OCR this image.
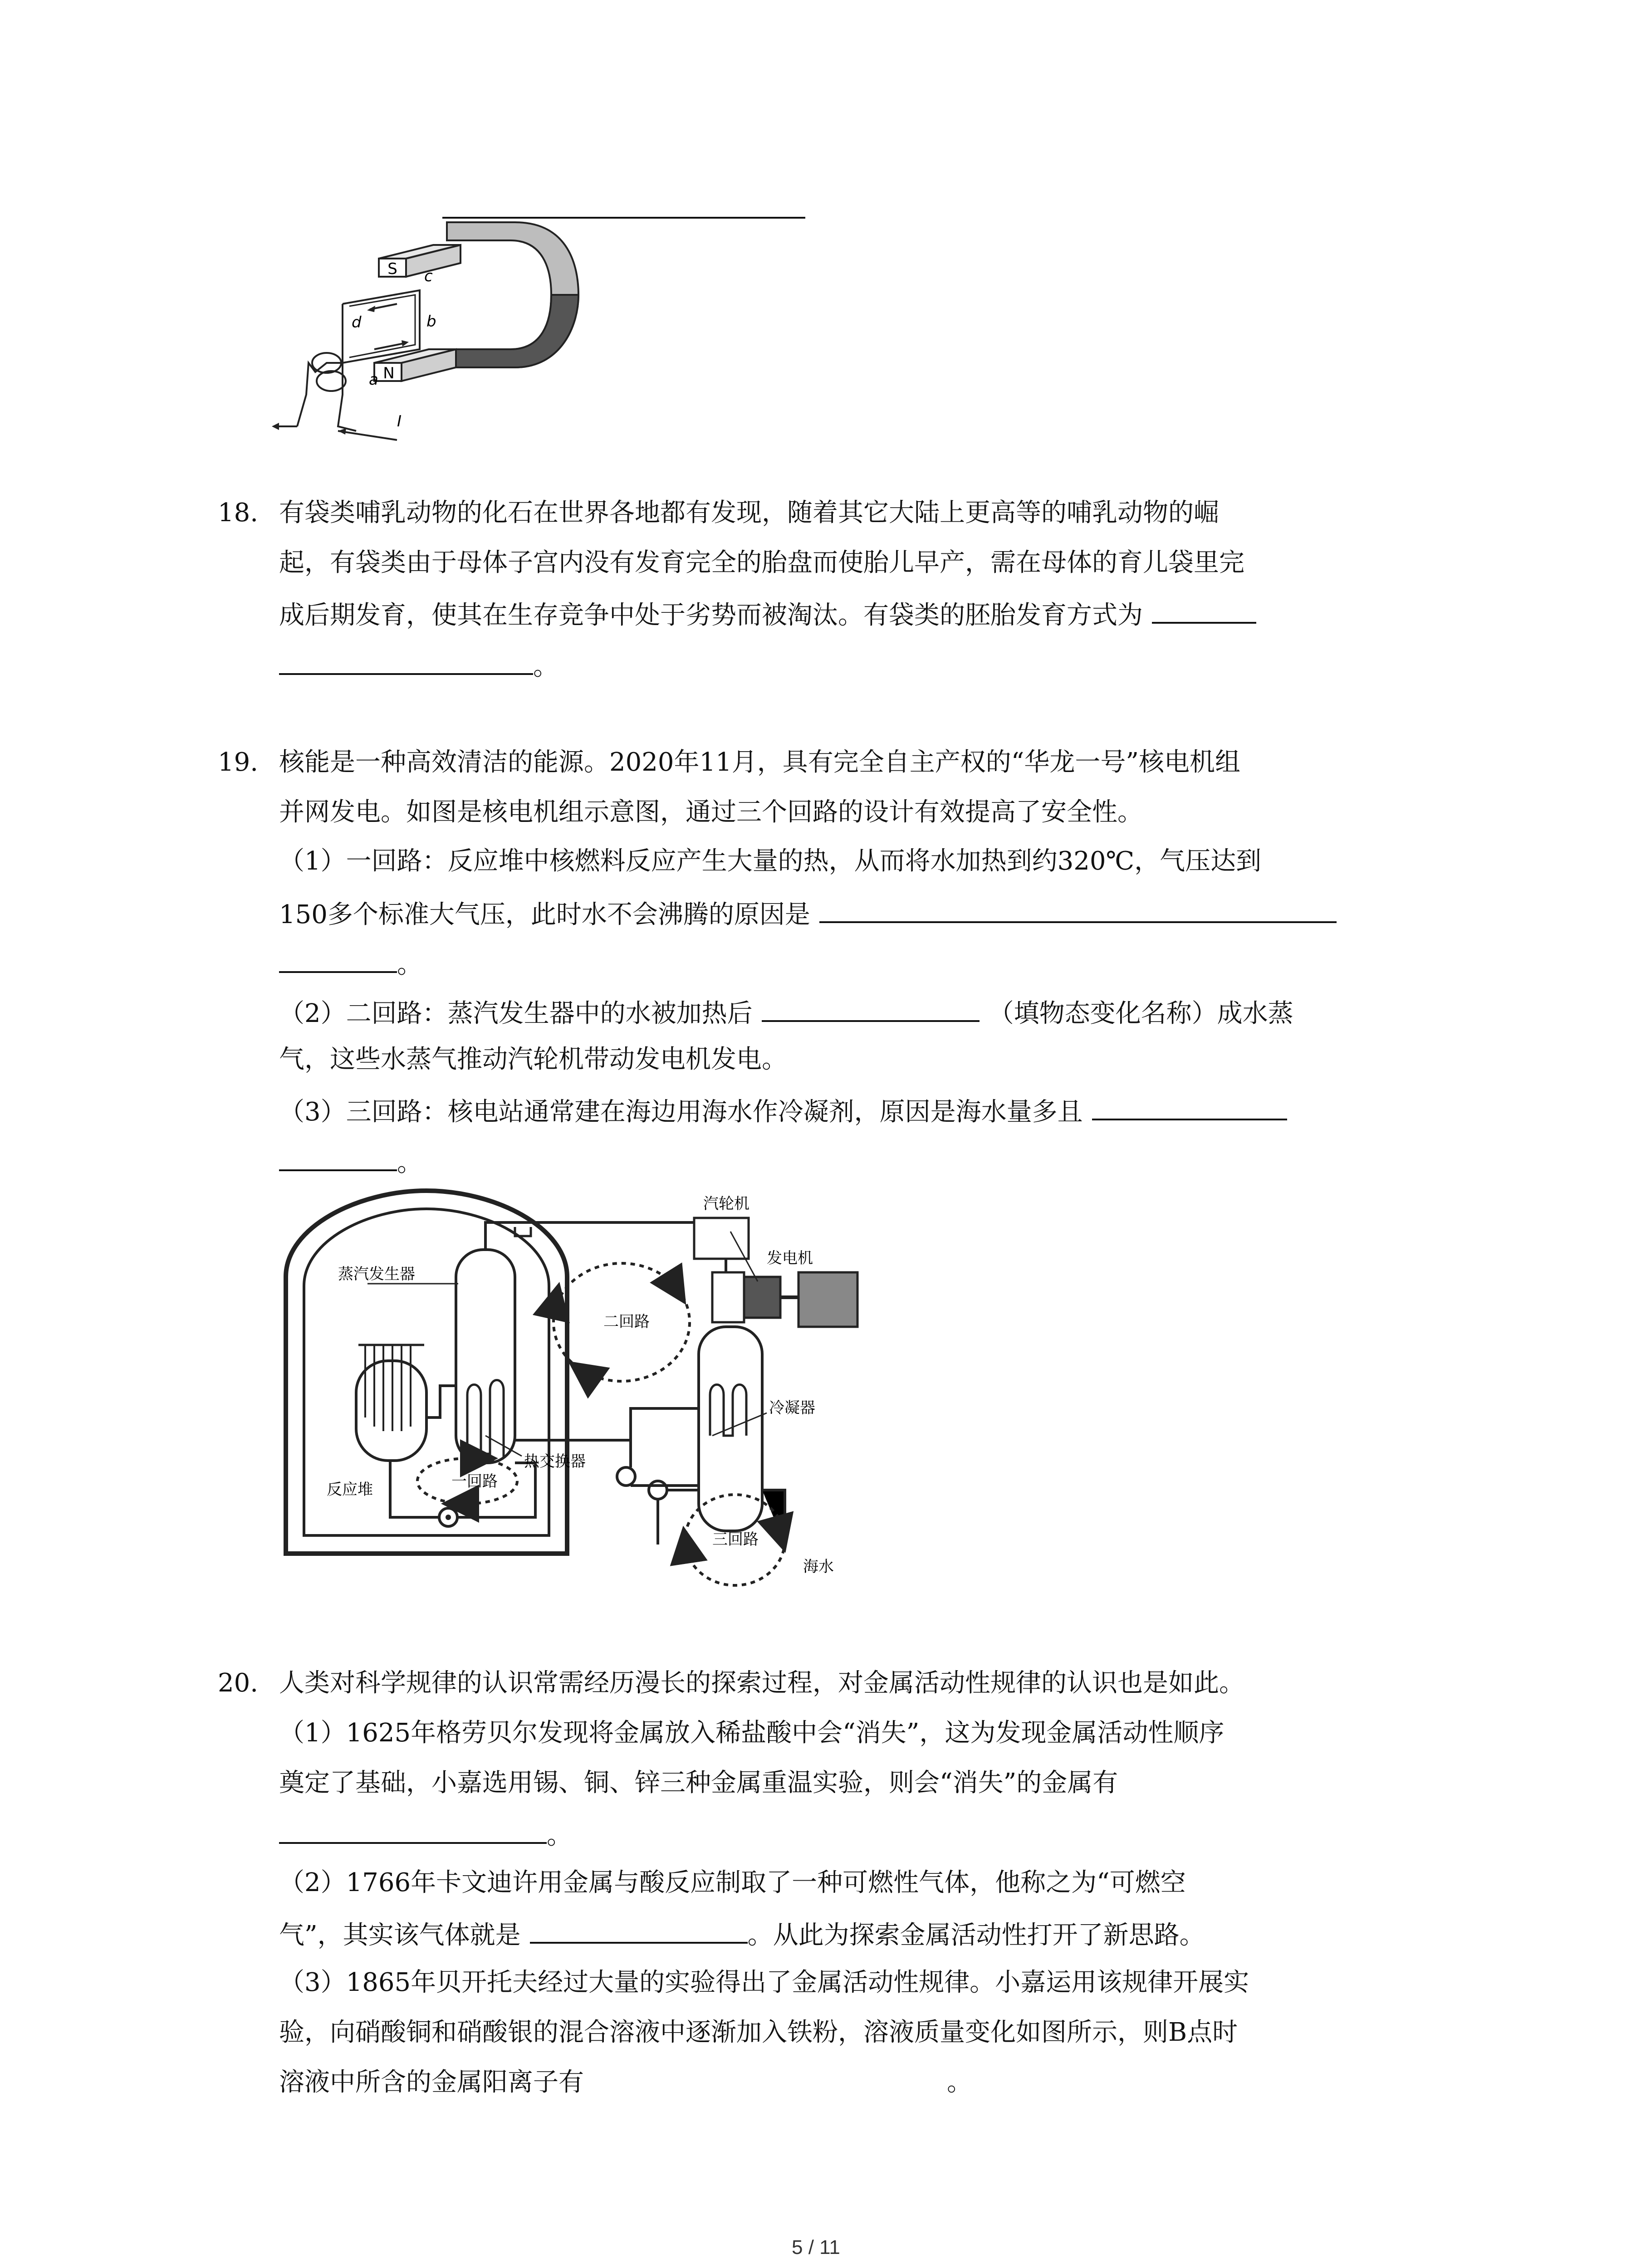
S
N
c
d	b
a
I
18. 有袋类哺乳动物的化石在世界各地都有发现，随着其它大陆上更高等的哺乳动物的崛
起，有袋类由于母体子宫内没有发育完全的胎盘而使胎儿早产，需在母体的育儿袋里完
成后期发育，使其在生存竞争中处于劣势而被淘汰。有袋类的胚胎发育方式为
。
19. 核能是一种高效清洁的能源。2020年11月，具有完全自主产权的“华龙一号”核电机组
并网发电。如图是核电机组示意图，通过三个回路的设计有效提高了安全性。
（1）一回路：反应堆中核燃料反应产生大量的热，从而将水加热到约320℃，气压达到
150多个标准大气压，此时水不会沸腾的原因是
。
（2）二回路：蒸汽发生器中的水被加热后	（填物态变化名称）成水蒸
气，这些水蒸气推动汽轮机带动发电机发电。
（3）三回路：核电站通常建在海边用海水作冷凝剂，原因是海水量多且
。
汽轮机
发电机
蒸汽发生器
二回路
冷凝器
热交换器
反应堆	一回路
三回路
海水
20. 人类对科学规律的认识常需经历漫长的探索过程，对金属活动性规律的认识也是如此。
（1）1625年格劳贝尔发现将金属放入稀盐酸中会“消失”，这为发现金属活动性顺序
奠定了基础，小嘉选用锡、铜、锌三种金属重温实验，则会“消失”的金属有
。
（2）1766年卡文迪许用金属与酸反应制取了一种可燃性气体，他称之为“可燃空
气”，其实该气体就是	。从此为探索金属活动性打开了新思路。
（3）1865年贝开托夫经过大量的实验得出了金属活动性规律。小嘉运用该规律开展实
验，向硝酸铜和硝酸银的混合溶液中逐渐加入铁粉，溶液质量变化如图所示，则B点时
溶液中所含的金属阳离子有	。
5 / 11
